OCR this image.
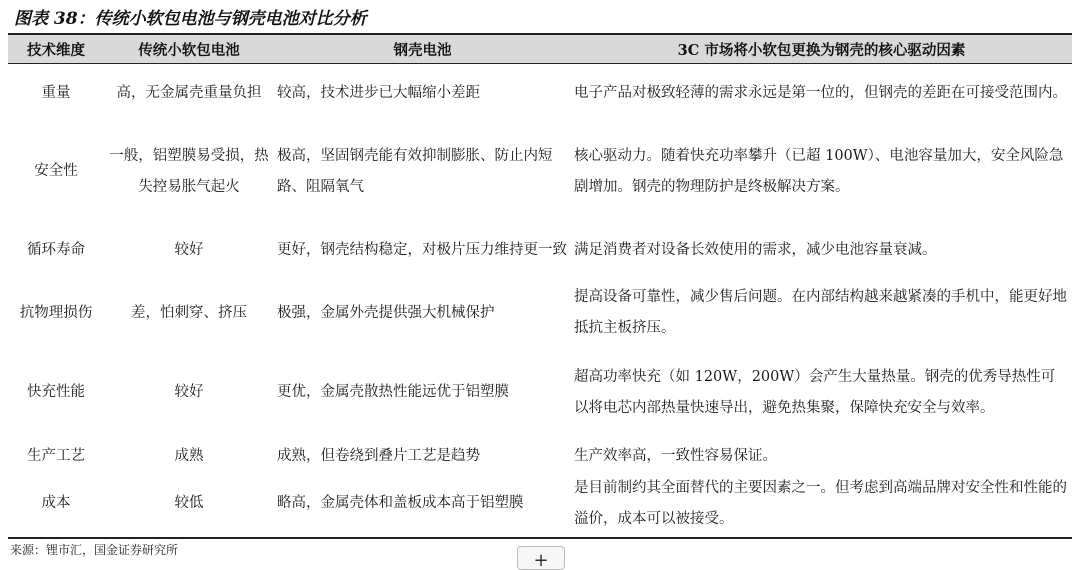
图表 38：传统小软包电池与钢壳电池对比分析
技术维度	传统小软包电池	钢壳电池	3C 市场将小软包更换为钢壳的核心驱动因素
重量	高，无金属壳重量负担	较高，技术进步已大幅缩小差距	电子产品对极致轻薄的需求永远是第一位的，但钢壳的差距在可接受范围内。
安全性	一般，铝塑膜易受损，热失控易胀气起火	极高，坚固钢壳能有效抑制膨胀、防止内短路、阻隔氧气	核心驱动力。随着快充功率攀升（已超 100W）、电池容量加大，安全风险急剧增加。钢壳的物理防护是终极解决方案。
循环寿命	较好	更好，钢壳结构稳定，对极片压力维持更一致	满足消费者对设备长效使用的需求，减少电池容量衰减。
抗物理损伤	差，怕刺穿、挤压	极强，金属外壳提供强大机械保护	提高设备可靠性，减少售后问题。在内部结构越来越紧凑的手机中，能更好地抵抗主板挤压。
快充性能	较好	更优，金属壳散热性能远优于铝塑膜	超高功率快充（如 120W，200W）会产生大量热量。钢壳的优秀导热性可以将电芯内部热量快速导出，避免热集聚，保障快充安全与效率。
生产工艺	成熟	成熟，但卷绕到叠片工艺是趋势	生产效率高，一致性容易保证。
成本	较低	略高，金属壳体和盖板成本高于铝塑膜	是目前制约其全面替代的主要因素之一。但考虑到高端品牌对安全性和性能的溢价，成本可以被接受。
来源：锂市汇，国金证券研究所	+
